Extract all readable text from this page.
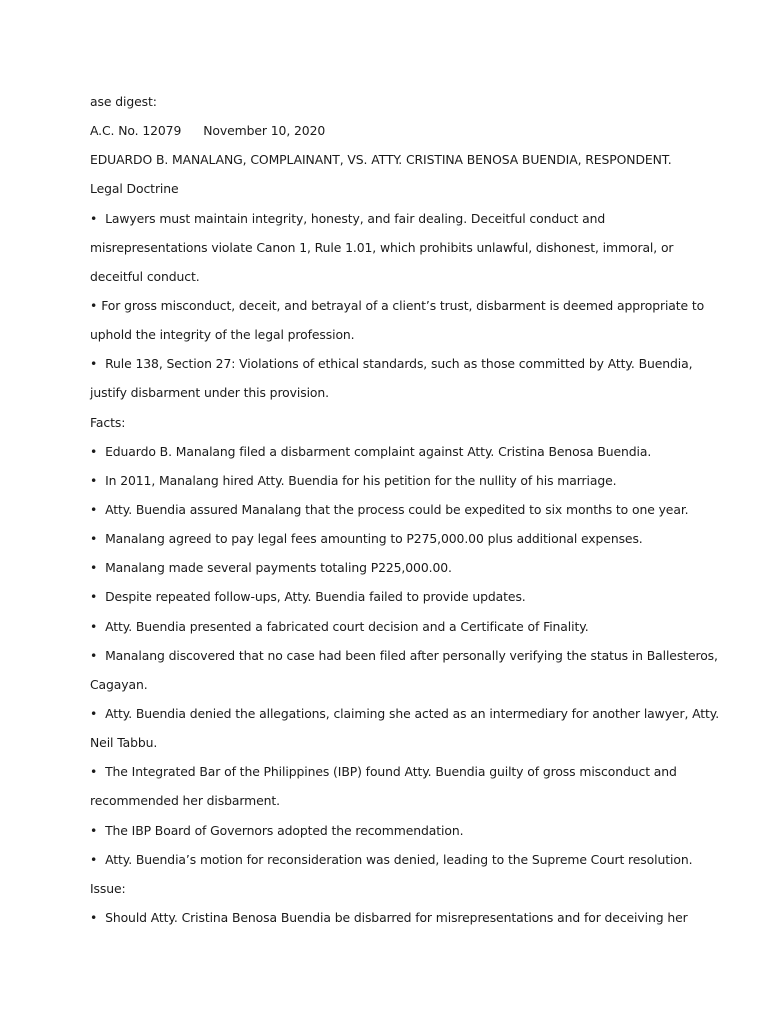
ase digest:
A.C. No. 12079 November 10, 2020
EDUARDO B. MANALANG, COMPLAINANT, VS. ATTY. CRISTINA BENOSA BUENDIA, RESPONDENT.
Legal Doctrine
• Lawyers must maintain integrity, honesty, and fair dealing. Deceitful conduct and
misrepresentations violate Canon 1, Rule 1.01, which prohibits unlawful, dishonest, immoral, or
deceitful conduct.
• For gross misconduct, deceit, and betrayal of a client’s trust, disbarment is deemed appropriate to
uphold the integrity of the legal profession.
• Rule 138, Section 27: Violations of ethical standards, such as those committed by Atty. Buendia,
justify disbarment under this provision.
Facts:
• Eduardo B. Manalang filed a disbarment complaint against Atty. Cristina Benosa Buendia.
• In 2011, Manalang hired Atty. Buendia for his petition for the nullity of his marriage.
• Atty. Buendia assured Manalang that the process could be expedited to six months to one year.
• Manalang agreed to pay legal fees amounting to P275,000.00 plus additional expenses.
• Manalang made several payments totaling P225,000.00.
• Despite repeated follow-ups, Atty. Buendia failed to provide updates.
• Atty. Buendia presented a fabricated court decision and a Certificate of Finality.
• Manalang discovered that no case had been filed after personally verifying the status in Ballesteros,
Cagayan.
• Atty. Buendia denied the allegations, claiming she acted as an intermediary for another lawyer, Atty.
Neil Tabbu.
• The Integrated Bar of the Philippines (IBP) found Atty. Buendia guilty of gross misconduct and
recommended her disbarment.
• The IBP Board of Governors adopted the recommendation.
• Atty. Buendia’s motion for reconsideration was denied, leading to the Supreme Court resolution.
Issue:
• Should Atty. Cristina Benosa Buendia be disbarred for misrepresentations and for deceiving her
